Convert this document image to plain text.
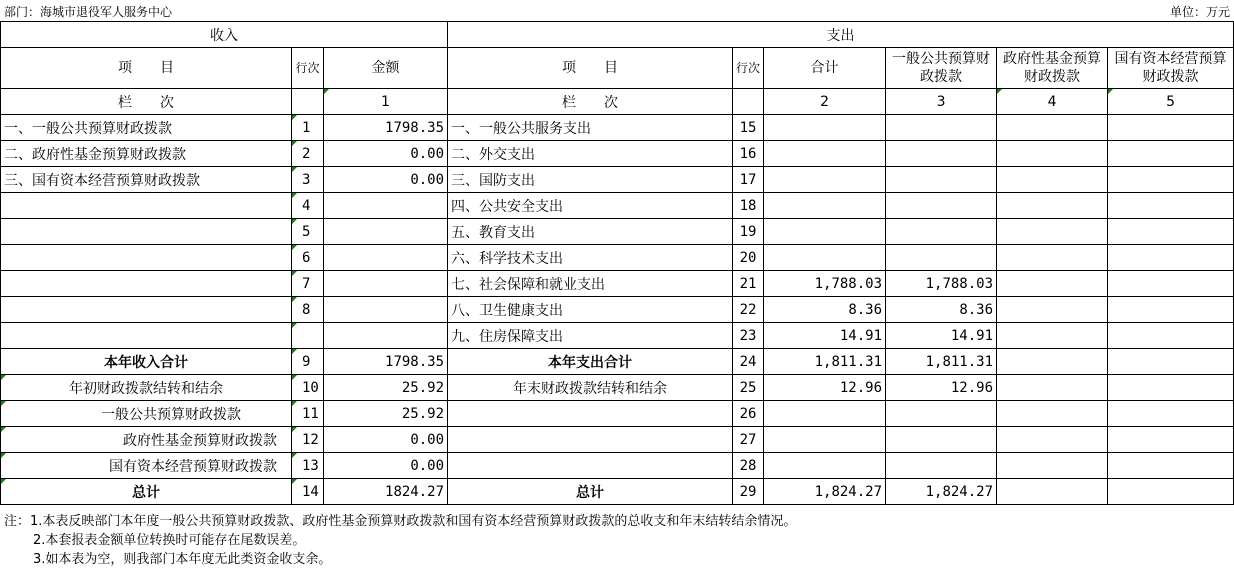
部门：海城市退役军人服务中心	单位：万元
收入			支出					
项　　目	行次	金额	项　　目	行次	合计	一般公共预算财政拨款	政府性基金预算财政拨款	国有资本经营预算财政拨款
栏　　次		1	栏　　次		2	3	4	5
一、一般公共预算财政拨款	1	1798.35	一、一般公共服务支出	15				
二、政府性基金预算财政拨款	2	0.00	二、外交支出	16				
三、国有资本经营预算财政拨款	3	0.00	三、国防支出	17				
	4		四、公共安全支出	18				
	5		五、教育支出	19				
	6		六、科学技术支出	20				
	7		七、社会保障和就业支出	21	1,788.03	1,788.03		
	8		八、卫生健康支出	22	8.36	8.36		
			九、住房保障支出	23	14.91	14.91		
本年收入合计	9	1798.35	本年支出合计	24	1,811.31	1,811.31		
年初财政拨款结转和结余	10	25.92	年末财政拨款结转和结余	25	12.96	12.96		
一般公共预算财政拨款	11	25.92		26				
政府性基金预算财政拨款	12	0.00		27				
国有资本经营预算财政拨款	13	0.00		28				
总计	14	1824.27	总计	29	1,824.27	1,824.27		
注：1.本表反映部门本年度一般公共预算财政拨款、政府性基金预算财政拨款和国有资本经营预算财政拨款的总收支和年末结转结余情况。
2.本套报表金额单位转换时可能存在尾数误差。
3.如本表为空，则我部门本年度无此类资金收支余。
